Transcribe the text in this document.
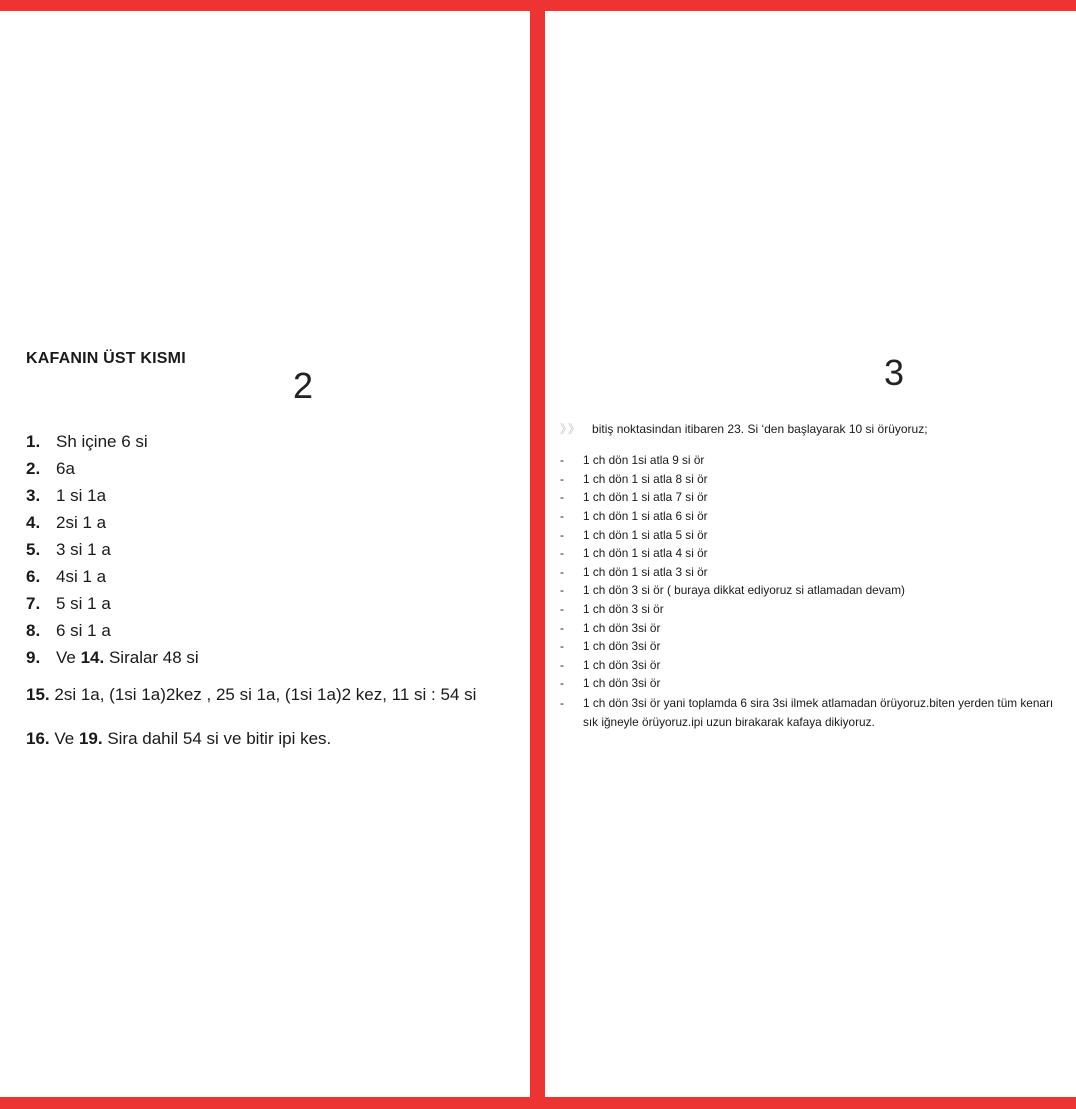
KAFANIN ÜST KISMI
2
1. Sh içine 6 si
2. 6a
3. 1 si 1a
4. 2si 1 a
5. 3 si 1 a
6. 4si 1 a
7. 5 si 1 a
8. 6 si 1 a
9. Ve 14. Siralar 48 si
15. 2si 1a, (1si 1a)2kez , 25 si 1a, (1si 1a)2 kez, 11 si : 54 si
16. Ve 19. Sira dahil 54 si ve bitir ipi kes.
3
》》 bitiş noktasindan itibaren 23. Si ‘den başlayarak 10 si örüyoruz;
-	1 ch dön 1si atla 9 si ör
-	1 ch dön 1 si atla 8 si ör
-	1 ch dön 1 si atla 7 si ör
-	1 ch dön 1 si atla 6 si ör
-	1 ch dön 1 si atla 5 si ör
-	1 ch dön 1 si atla 4 si ör
-	1 ch dön 1 si atla 3 si ör
-	1 ch dön 3 si ör ( buraya dikkat ediyoruz si atlamadan devam)
-	1 ch dön 3 si ör
-	1 ch dön 3si ör
-	1 ch dön 3si ör
-	1 ch dön 3si ör
-	1 ch dön 3si ör
-	1 ch dön 3si ör yani toplamda 6 sira 3si ilmek atlamadan örüyoruz.biten yerden tüm kenarı sık iğneyle örüyoruz.ipi uzun birakarak kafaya dikiyoruz.
